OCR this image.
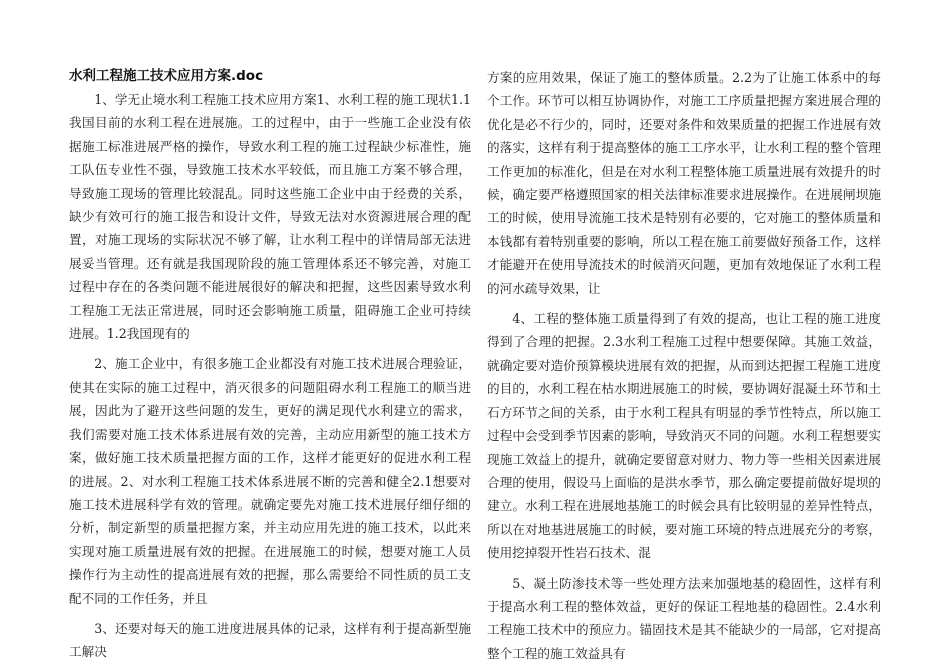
水利工程施工技术应用方案.doc

1、学无止境水利工程施工技术应用方案1、水利工程的施工现状1.1我国目前的水利工程在进展施。工的过程中，由于一些施工企业没有依据施工标准进展严格的操作，导致水利工程的施工过程缺少标准性，施工队伍专业性不强，导致施工技术水平较低，而且施工方案不够合理，导致施工现场的管理比较混乱。同时这些施工企业中由于经费的关系，缺少有效可行的施工报告和设计文件，导致无法对水资源进展合理的配置，对施工现场的实际状况不够了解，让水利工程中的详情局部无法进展妥当管理。还有就是我国现阶段的施工管理体系还不够完善，对施工过程中存在的各类问题不能进展很好的解决和把握，这些因素导致水利工程施工无法正常进展，同时还会影响施工质量，阻碍施工企业可持续进展。1.2我国现有的

2、施工企业中，有很多施工企业都没有对施工技术进展合理验证，使其在实际的施工过程中，消灭很多的问题阻碍水利工程施工的顺当进展，因此为了避开这些问题的发生，更好的满足现代水利建立的需求，我们需要对施工技术体系进展有效的完善，主动应用新型的施工技术方案，做好施工技术质量把握方面的工作，这样才能更好的促进水利工程的进展。2、对水利工程施工技术体系进展不断的完善和健全2.1想要对施工技术进展科学有效的管理。就确定要先对施工技术进展仔细仔细的分析，制定新型的质量把握方案，并主动应用先进的施工技术，以此来实现对施工质量进展有效的把握。在进展施工的时候，想要对施工人员操作行为主动性的提高进展有效的把握，那么需要给不同性质的员工支配不同的工作任务，并且

3、还要对每天的施工进度进展具体的记录，这样有利于提高新型施工解决

方案的应用效果，保证了施工的整体质量。2.2为了让施工体系中的每个工作。环节可以相互协调协作，对施工工序质量把握方案进展合理的优化是必不行少的，同时，还要对条件和效果质量的把握工作进展有效的落实，这样有利于提高整体的施工工序水平，让水利工程的整个管理工作更加的标准化，但是在对水利工程整体施工质量进展有效提升的时候，确定要严格遵照国家的相关法律标准要求进展操作。在进展闸坝施工的时候，使用导流施工技术是特别有必要的，它对施工的整体质量和本钱都有着特别重要的影响，所以工程在施工前要做好预备工作，这样才能避开在使用导流技术的时候消灭问题，更加有效地保证了水利工程的河水疏导效果，让

4、工程的整体施工质量得到了有效的提高，也让工程的施工进度得到了合理的把握。2.3水利工程施工过程中想要保障。其施工效益，就确定要对造价预算模块进展有效的把握，从而到达把握工程施工进度的目的，水利工程在枯水期进展施工的时候，要协调好混凝土环节和土石方环节之间的关系，由于水利工程具有明显的季节性特点，所以施工过程中会受到季节因素的影响，导致消灭不同的问题。水利工程想要实现施工效益上的提升，就确定要留意对财力、物力等一些相关因素进展合理的使用，假设马上面临的是洪水季节，那么确定要提前做好堤坝的建立。水利工程在进展地基施工的时候会具有比较明显的差异性特点，所以在对地基进展施工的时候，要对施工环境的特点进展充分的考察，使用挖掉裂开性岩石技术、混

5、凝土防渗技术等一些处理方法来加强地基的稳固性，这样有利于提高水利工程的整体效益，更好的保证工程地基的稳固性。2.4水利工程施工技术中的预应力。锚固技术是其不能缺少的一局部，它对提高整个工程的施工效益具有
